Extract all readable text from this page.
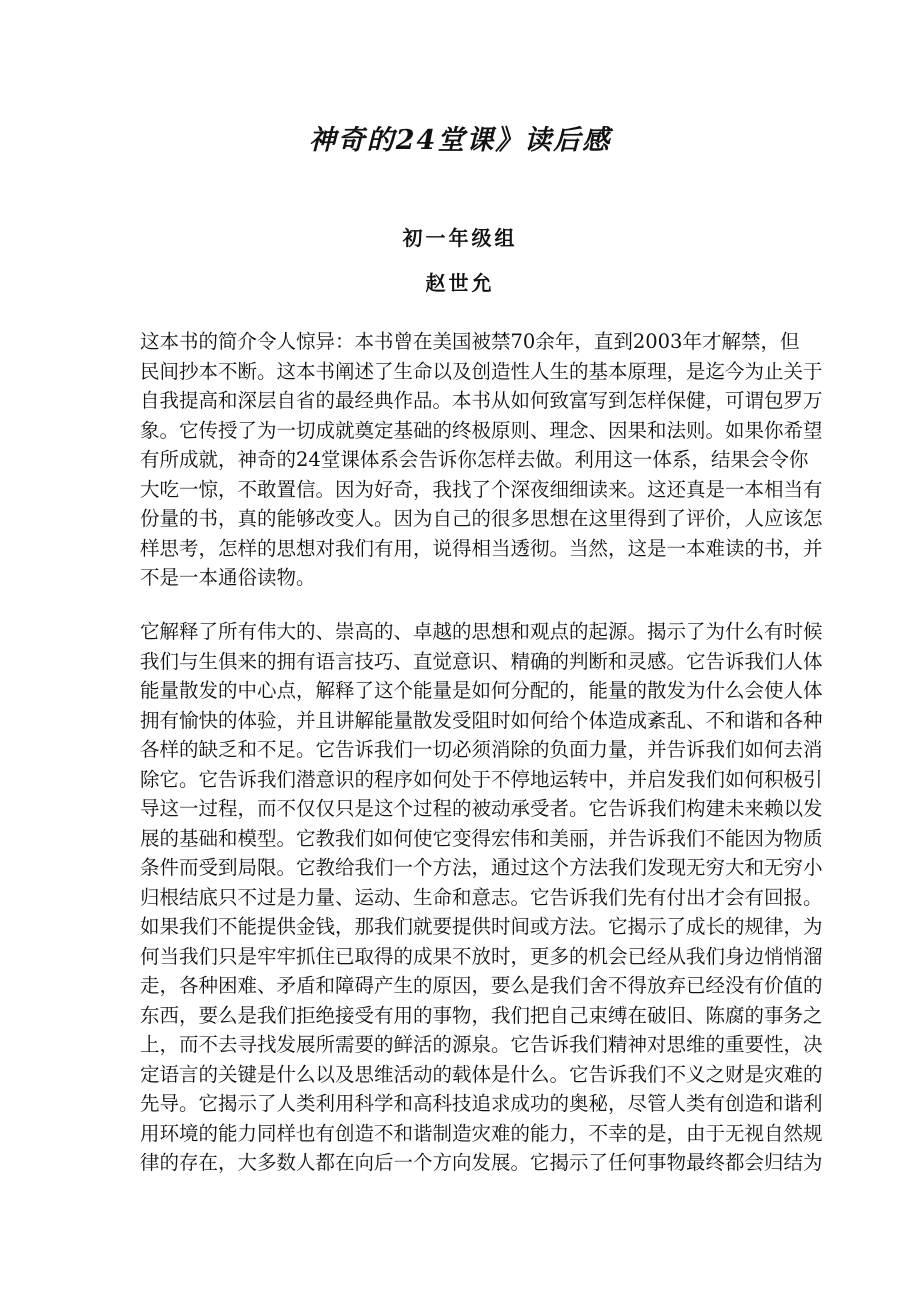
神奇的24堂课》读后感
初一年级组
赵世允
这本书的简介令人惊异：本书曾在美国被禁70余年，直到2003年才解禁，但
民间抄本不断。这本书阐述了生命以及创造性人生的基本原理，是迄今为止关于
自我提高和深层自省的最经典作品。本书从如何致富写到怎样保健，可谓包罗万
象。它传授了为一切成就奠定基础的终极原则、理念、因果和法则。如果你希望
有所成就，神奇的24堂课体系会告诉你怎样去做。利用这一体系，结果会令你
大吃一惊，不敢置信。因为好奇，我找了个深夜细细读来。这还真是一本相当有
份量的书，真的能够改变人。因为自己的很多思想在这里得到了评价，人应该怎
样思考，怎样的思想对我们有用，说得相当透彻。当然，这是一本难读的书，并
不是一本通俗读物。
它解释了所有伟大的、崇高的、卓越的思想和观点的起源。揭示了为什么有时候
我们与生俱来的拥有语言技巧、直觉意识、精确的判断和灵感。它告诉我们人体
能量散发的中心点，解释了这个能量是如何分配的，能量的散发为什么会使人体
拥有愉快的体验，并且讲解能量散发受阻时如何给个体造成紊乱、不和谐和各种
各样的缺乏和不足。它告诉我们一切必须消除的负面力量，并告诉我们如何去消
除它。它告诉我们潜意识的程序如何处于不停地运转中，并启发我们如何积极引
导这一过程，而不仅仅只是这个过程的被动承受者。它告诉我们构建未来赖以发
展的基础和模型。它教我们如何使它变得宏伟和美丽，并告诉我们不能因为物质
条件而受到局限。它教给我们一个方法，通过这个方法我们发现无穷大和无穷小
归根结底只不过是力量、运动、生命和意志。它告诉我们先有付出才会有回报。
如果我们不能提供金钱，那我们就要提供时间或方法。它揭示了成长的规律，为
何当我们只是牢牢抓住已取得的成果不放时，更多的机会已经从我们身边悄悄溜
走，各种困难、矛盾和障碍产生的原因，要么是我们舍不得放弃已经没有价值的
东西，要么是我们拒绝接受有用的事物，我们把自己束缚在破旧、陈腐的事务之
上，而不去寻找发展所需要的鲜活的源泉。它告诉我们精神对思维的重要性，决
定语言的关键是什么以及思维活动的载体是什么。它告诉我们不义之财是灾难的
先导。它揭示了人类利用科学和高科技追求成功的奥秘，尽管人类有创造和谐利
用环境的能力同样也有创造不和谐制造灾难的能力，不幸的是，由于无视自然规
律的存在，大多数人都在向后一个方向发展。它揭示了任何事物最终都会归结为
